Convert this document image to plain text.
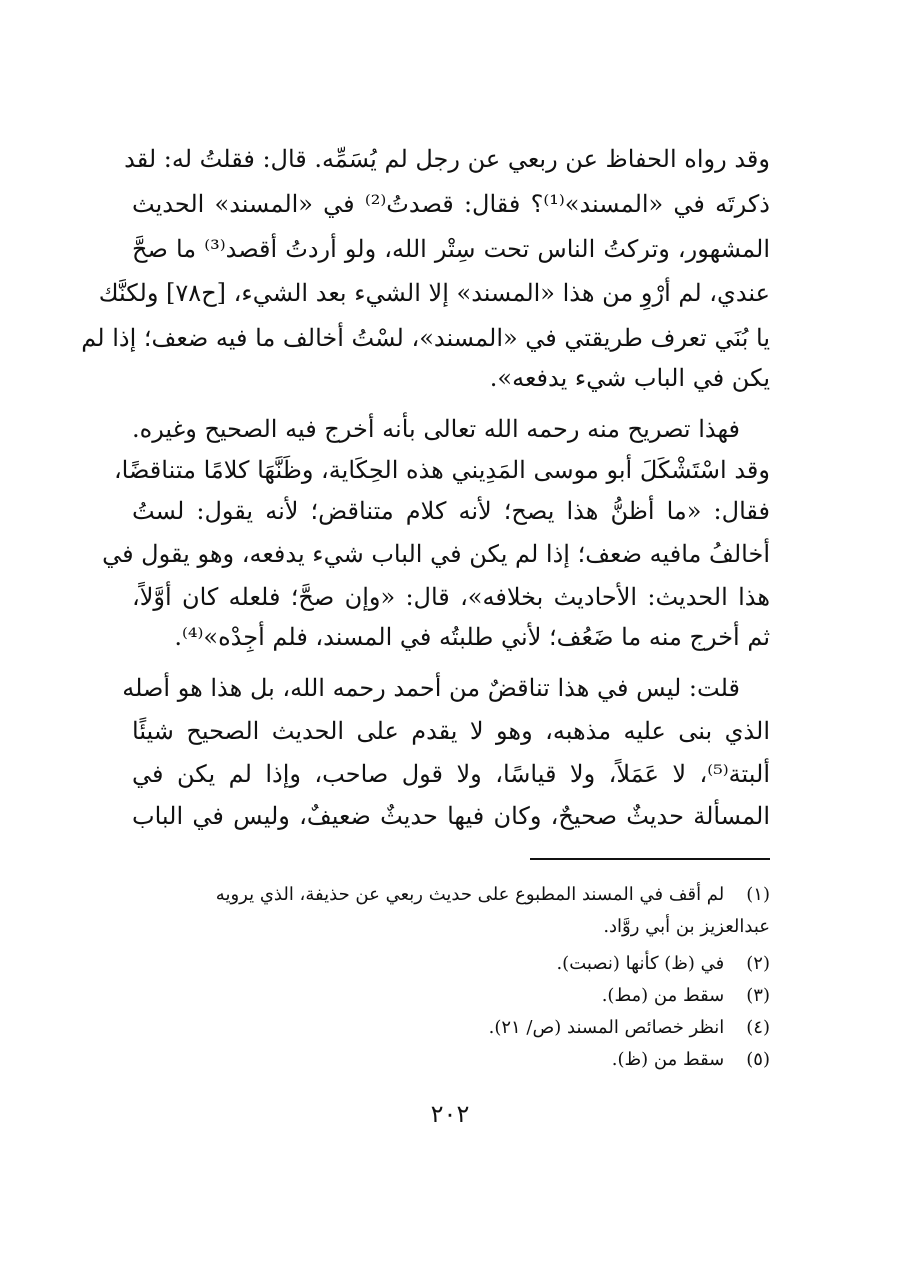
وقد رواه الحفاظ عن ربعي عن رجل لم يُسَمِّه. قال: فقلتُ له: لقد
ذكرتَه في «المسند»⁽¹⁾؟ فقال: قصدتُ⁽²⁾ في «المسند» الحديث
المشهور، وتركتُ الناس تحت سِتْر الله، ولو أردتُ أقصد⁽³⁾ ما صحَّ
عندي، لم أرْوِ من هذا «المسند» إلا الشيء بعد الشيء، [ح٧٨] ولكنَّك
يا بُنَي تعرف طريقتي في «المسند»، لسْتُ أخالف ما فيه ضعف؛ إذا لم
يكن في الباب شيء يدفعه».
فهذا تصريح منه رحمه الله تعالى بأنه أخرج فيه الصحيح وغيره.
وقد اسْتَشْكَلَ أبو موسى المَدِيني هذه الحِكَاية، وظَنَّهَا كلامًا متناقضًا،
فقال: «ما أظنُّ هذا يصح؛ لأنه كلام متناقض؛ لأنه يقول: لستُ
أخالفُ مافيه ضعف؛ إذا لم يكن في الباب شيء يدفعه، وهو يقول في
هذا الحديث: الأحاديث بخلافه»، قال: «وإن صحَّ؛ فلعله كان أوَّلاً،
ثم أخرج منه ما ضَعُف؛ لأني طلبتُه في المسند، فلم أجِدْه»⁽⁴⁾.
قلت: ليس في هذا تناقضٌ من أحمد رحمه الله، بل هذا هو أصله
الذي بنى عليه مذهبه، وهو لا يقدم على الحديث الصحيح شيئًا
ألبتة⁽⁵⁾، لا عَمَلاً، ولا قياسًا، ولا قول صاحب، وإذا لم يكن في
المسألة حديثٌ صحيحٌ، وكان فيها حديثٌ ضعيفٌ، وليس في الباب
(١) لم أقف في المسند المطبوع على حديث ربعي عن حذيفة، الذي يرويه
عبدالعزيز بن أبي روَّاد.
(٢) في (ظ) كأنها (نصبت).
(٣) سقط من (مط).
(٤) انظر خصائص المسند (ص/ ٢١).
(٥) سقط من (ظ).
٢٠٢
